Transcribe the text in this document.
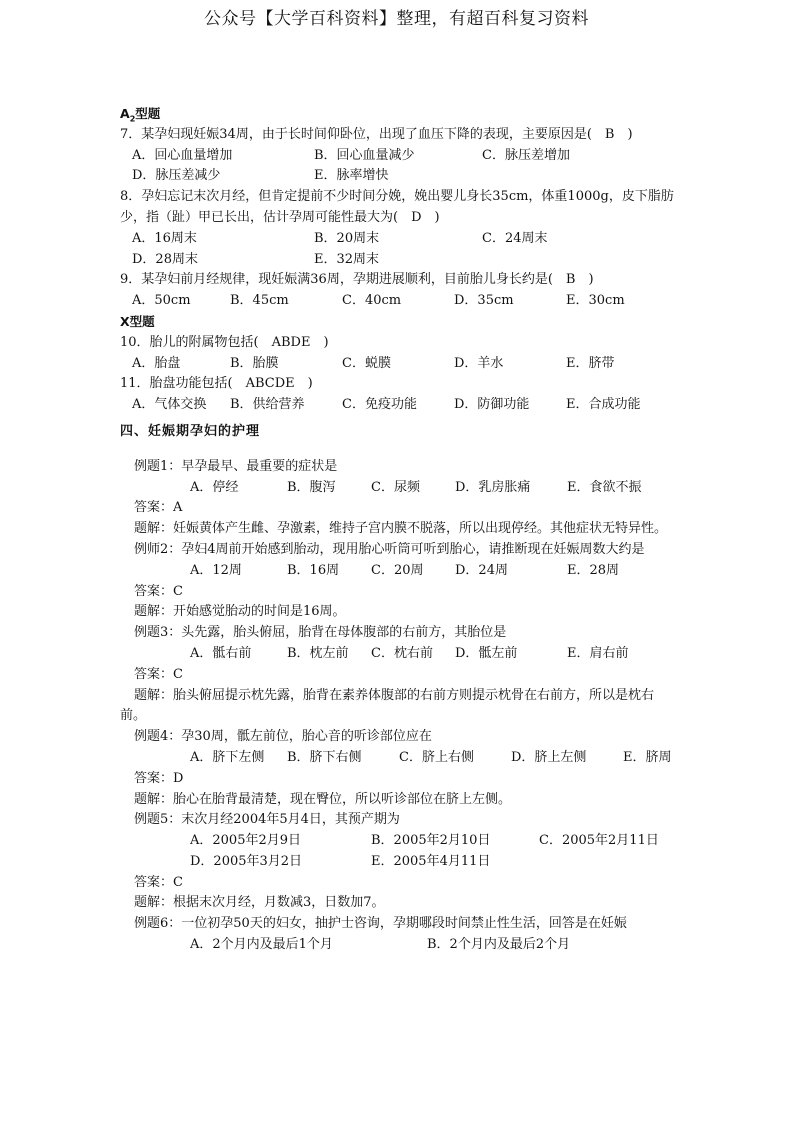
公众号【大学百科资料】整理，有超百科复习资料
$A_2$型题
7．某孕妇现妊娠34周，由于长时间仰卧位，出现了血压下降的表现，主要原因是(　B　)
A．回心血量增加	B．回心血量减少	C．脉压差增加
D．脉压差减少	E．脉率增快
8．孕妇忘记末次月经，但肯定提前不少时间分娩，娩出婴儿身长35cm，体重1000g，皮下脂肪少，指（趾）甲已长出，估计孕周可能性最大为(　D　)
A．16周末	B．20周末	C．24周末
D．28周末	E．32周末
9．某孕妇前月经规律，现妊娠满36周，孕期进展顺利，目前胎儿身长约是(　B　)
A．50cm	B．45cm	C．40cm	D．35cm	E．30cm
X型题
10．胎儿的附属物包括(　ABDE　)
A．胎盘	B．胎膜	C．蜕膜	D．羊水	E．脐带
11．胎盘功能包括(　ABCDE　)
A．气体交换 B．供给营养	C．免疫功能	D．防御功能	E．合成功能
四、妊娠期孕妇的护理
例题1：早孕最早、最重要的症状是
A．停经	B．腹泻	C．尿频	D．乳房胀痛	E．食欲不振
答案：A
题解：妊娠黄体产生雌、孕激素，维持子宫内膜不脱落，所以出现停经。其他症状无特异性。
例师2：孕妇4周前开始感到胎动，现用胎心听筒可听到胎心，请推断现在妊娠周数大约是
A．12周	B．16周 C．20周 D．24周	E．28周
答案：C
题解：开始感觉胎动的时间是16周。
例题3：头先露，胎头俯屈，胎背在母体腹部的右前方，其胎位是
A．骶右前	B．枕左前 C．枕右前 D．骶左前	E．肩右前
答案：C
题解：胎头俯屈提示枕先露，胎背在素养体腹部的右前方则提示枕骨在右前方，所以是枕右前。
例题4：孕30周，骶左前位，胎心音的听诊部位应在
A．脐下左侧 B．脐下右侧	C．脐上右侧	D．脐上左侧	E．脐周
答案：D
题解：胎心在胎背最清楚，现在臀位，所以听诊部位在脐上左侧。
例题5：末次月经2004年5月4日，其预产期为
A．2005年2月9日	B．2005年2月10日	C．2005年2月11日
D．2005年3月2日	E．2005年4月11日
答案：C
题解：根据末次月经，月数减3，日数加7。
例题6：一位初孕50天的妇女，抽护士咨询，孕期哪段时间禁止性生活，回答是在妊娠
A．2个月内及最后1个月	B．2个月内及最后2个月
